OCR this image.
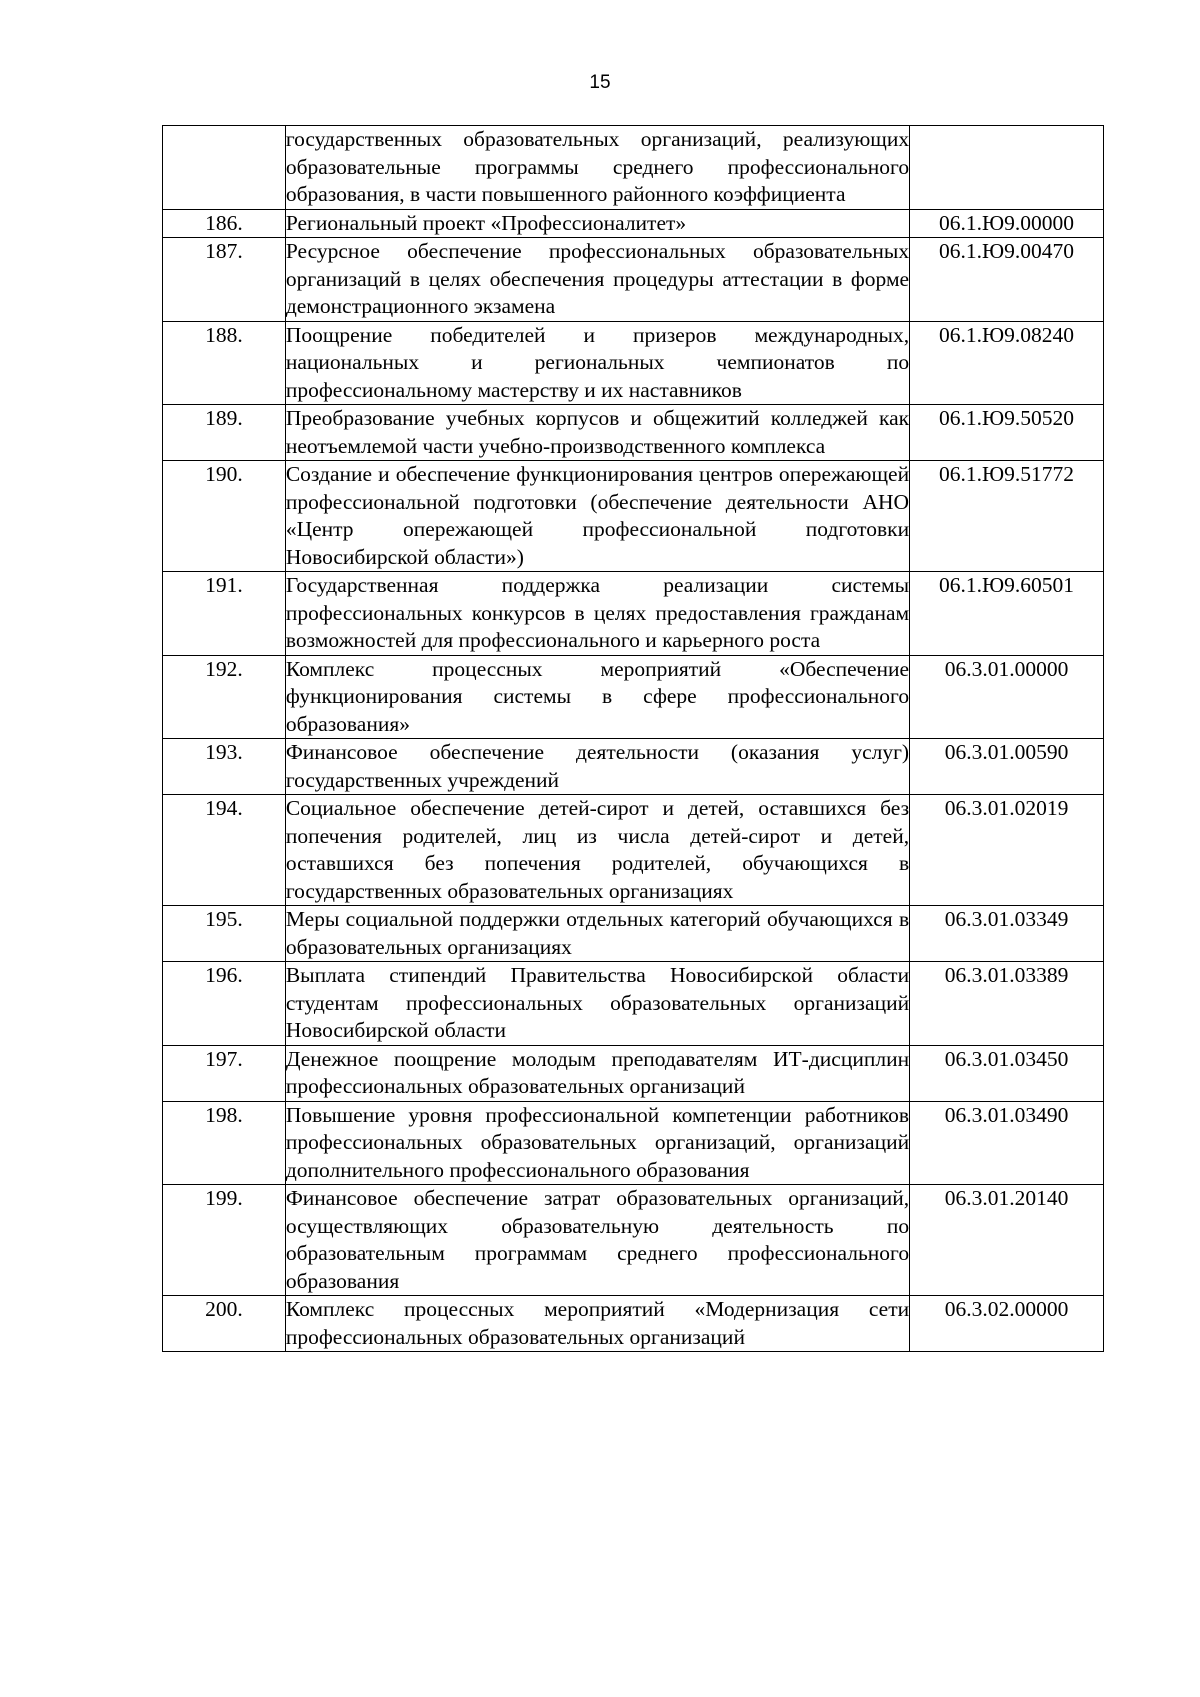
15
	государственных образовательных организаций, реализующих образовательные программы среднего профессионального образования, в части повышенного районного коэффициента	
186.	Региональный проект «Профессионалитет»	06.1.Ю9.00000
187.	Ресурсное обеспечение профессиональных образовательных организаций в целях обеспечения процедуры аттестации в форме демонстрационного экзамена	06.1.Ю9.00470
188.	Поощрение победителей и призеров международных, национальных и региональных чемпионатов по профессиональному мастерству и их наставников	06.1.Ю9.08240
189.	Преобразование учебных корпусов и общежитий колледжей как неотъемлемой части учебно-производственного комплекса	06.1.Ю9.50520
190.	Создание и обеспечение функционирования центров опережающей профессиональной подготовки (обеспечение деятельности АНО «Центр опережающей профессиональной подготовки Новосибирской области»)	06.1.Ю9.51772
191.	Государственная поддержка реализации системы профессиональных конкурсов в целях предоставления гражданам возможностей для профессионального и карьерного роста	06.1.Ю9.60501
192.	Комплекс процессных мероприятий «Обеспечение функционирования системы в сфере профессионального образования»	06.3.01.00000
193.	Финансовое обеспечение деятельности (оказания услуг) государственных учреждений	06.3.01.00590
194.	Социальное обеспечение детей-сирот и детей, оставшихся без попечения родителей, лиц из числа детей-сирот и детей, оставшихся без попечения родителей, обучающихся в государственных образовательных организациях	06.3.01.02019
195.	Меры социальной поддержки отдельных категорий обучающихся в образовательных организациях	06.3.01.03349
196.	Выплата стипендий Правительства Новосибирской области студентам профессиональных образовательных организаций Новосибирской области	06.3.01.03389
197.	Денежное поощрение молодым преподавателям ИТ-дисциплин профессиональных образовательных организаций	06.3.01.03450
198.	Повышение уровня профессиональной компетенции работников профессиональных образовательных организаций, организаций дополнительного профессионального образования	06.3.01.03490
199.	Финансовое обеспечение затрат образовательных организаций, осуществляющих образовательную деятельность по образовательным программам среднего профессионального образования	06.3.01.20140
200.	Комплекс процессных мероприятий «Модернизация сети профессиональных образовательных организаций	06.3.02.00000
